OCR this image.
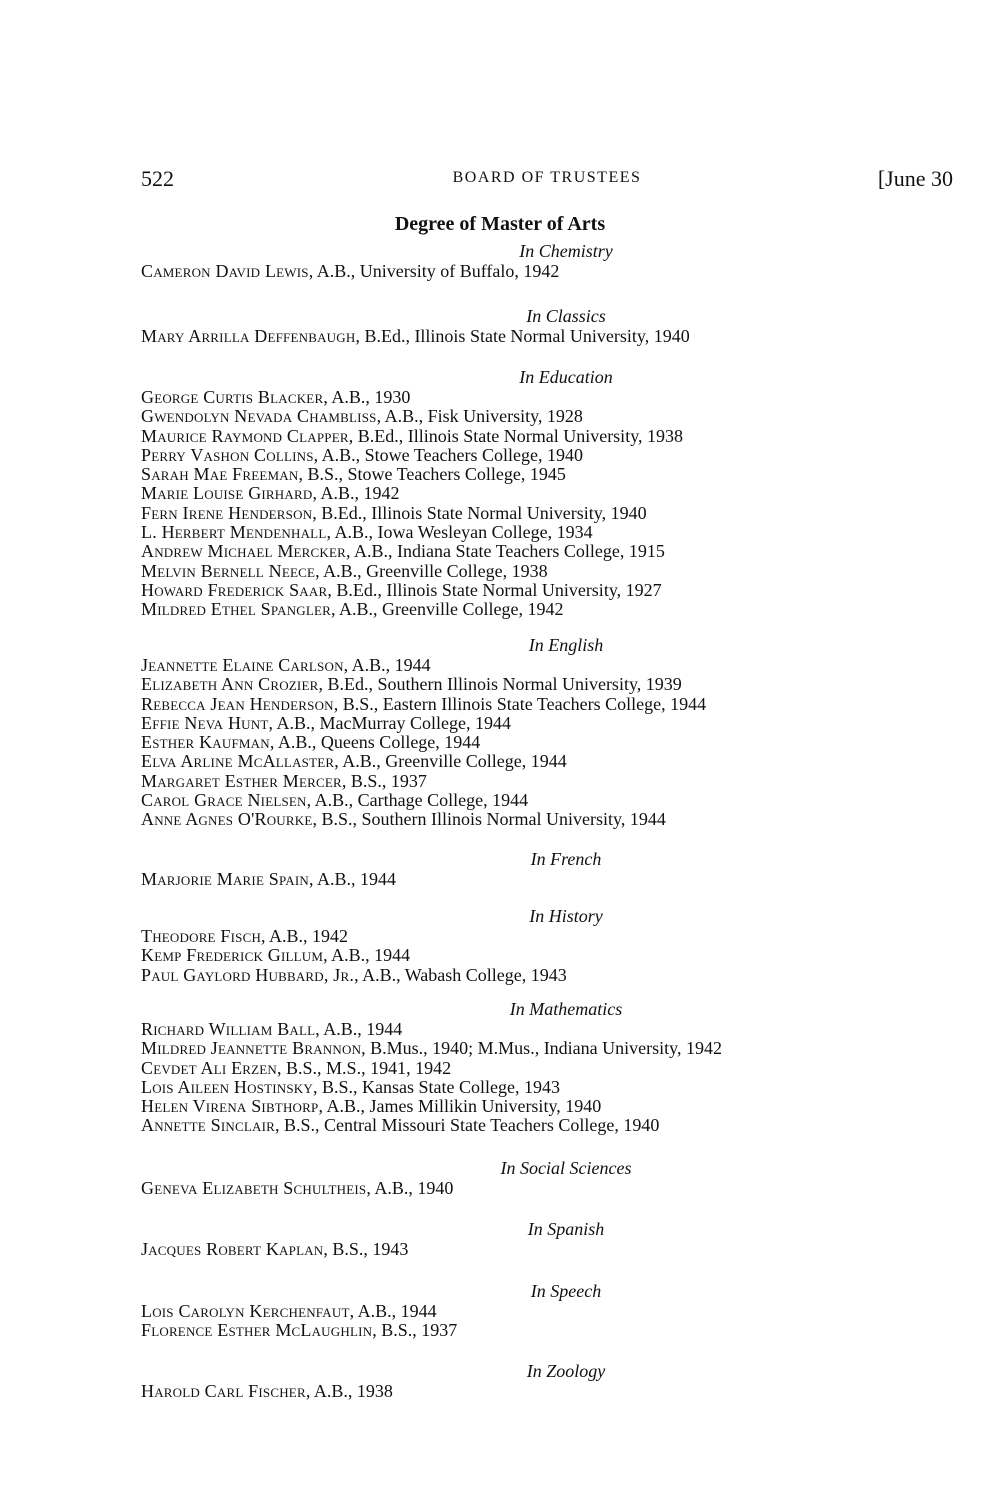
522	BOARD OF TRUSTEES	[June 30
Degree of Master of Arts
In Chemistry
Cameron David Lewis, A.B., University of Buffalo, 1942
In Classics
Mary Arrilla Deffenbaugh, B.Ed., Illinois State Normal University, 1940
In Education
George Curtis Blacker, A.B., 1930
Gwendolyn Nevada Chambliss, A.B., Fisk University, 1928
Maurice Raymond Clapper, B.Ed., Illinois State Normal University, 1938
Perry Vashon Collins, A.B., Stowe Teachers College, 1940
Sarah Mae Freeman, B.S., Stowe Teachers College, 1945
Marie Louise Girhard, A.B., 1942
Fern Irene Henderson, B.Ed., Illinois State Normal University, 1940
L. Herbert Mendenhall, A.B., Iowa Wesleyan College, 1934
Andrew Michael Mercker, A.B., Indiana State Teachers College, 1915
Melvin Bernell Neece, A.B., Greenville College, 1938
Howard Frederick Saar, B.Ed., Illinois State Normal University, 1927
Mildred Ethel Spangler, A.B., Greenville College, 1942
In English
Jeannette Elaine Carlson, A.B., 1944
Elizabeth Ann Crozier, B.Ed., Southern Illinois Normal University, 1939
Rebecca Jean Henderson, B.S., Eastern Illinois State Teachers College, 1944
Effie Neva Hunt, A.B., MacMurray College, 1944
Esther Kaufman, A.B., Queens College, 1944
Elva Arline McAllaster, A.B., Greenville College, 1944
Margaret Esther Mercer, B.S., 1937
Carol Grace Nielsen, A.B., Carthage College, 1944
Anne Agnes O'Rourke, B.S., Southern Illinois Normal University, 1944
In French
Marjorie Marie Spain, A.B., 1944
In History
Theodore Fisch, A.B., 1942
Kemp Frederick Gillum, A.B., 1944
Paul Gaylord Hubbard, Jr., A.B., Wabash College, 1943
In Mathematics
Richard William Ball, A.B., 1944
Mildred Jeannette Brannon, B.Mus., 1940; M.Mus., Indiana University, 1942
Cevdet Ali Erzen, B.S., M.S., 1941, 1942
Lois Aileen Hostinsky, B.S., Kansas State College, 1943
Helen Virena Sibthorp, A.B., James Millikin University, 1940
Annette Sinclair, B.S., Central Missouri State Teachers College, 1940
In Social Sciences
Geneva Elizabeth Schultheis, A.B., 1940
In Spanish
Jacques Robert Kaplan, B.S., 1943
In Speech
Lois Carolyn Kerchenfaut, A.B., 1944
Florence Esther McLaughlin, B.S., 1937
In Zoology
Harold Carl Fischer, A.B., 1938
